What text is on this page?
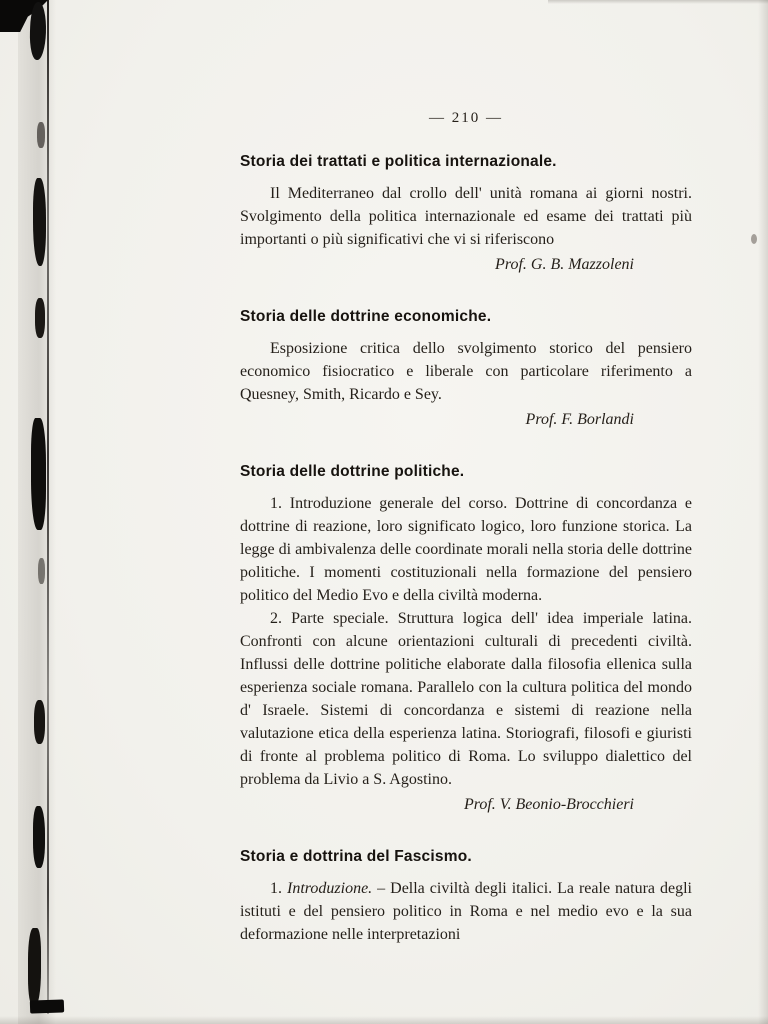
— 210 —
Storia dei trattati e politica internazionale.

Il Mediterraneo dal crollo dell' unità romana ai giorni nostri. Svolgimento della politica internazionale ed esame dei trattati più importanti o più significativi che vi si riferiscono

Prof. G. B. Mazzoleni

Storia delle dottrine economiche.

Esposizione critica dello svolgimento storico del pensiero economico fisiocratico e liberale con particolare riferimento a Quesney, Smith, Ricardo e Sey.

Prof. F. Borlandi

Storia delle dottrine politiche.

1. Introduzione generale del corso. Dottrine di concordanza e dottrine di reazione, loro significato logico, loro funzione storica. La legge di ambivalenza delle coordinate morali nella storia delle dottrine politiche. I momenti costituzionali nella formazione del pensiero politico del Medio Evo e della civiltà moderna.

2. Parte speciale. Struttura logica dell' idea imperiale latina. Confronti con alcune orientazioni culturali di precedenti civiltà. Influssi delle dottrine politiche elaborate dalla filosofia ellenica sulla esperienza sociale romana. Parallelo con la cultura politica del mondo d' Israele. Sistemi di concordanza e sistemi di reazione nella valutazione etica della esperienza latina. Storiografi, filosofi e giuristi di fronte al problema politico di Roma. Lo sviluppo dialettico del problema da Livio a S. Agostino.

Prof. V. Beonio-Brocchieri

Storia e dottrina del Fascismo.

1. Introduzione. – Della civiltà degli italici. La reale natura degli istituti e del pensiero politico in Roma e nel medio evo e la sua deformazione nelle interpretazioni
